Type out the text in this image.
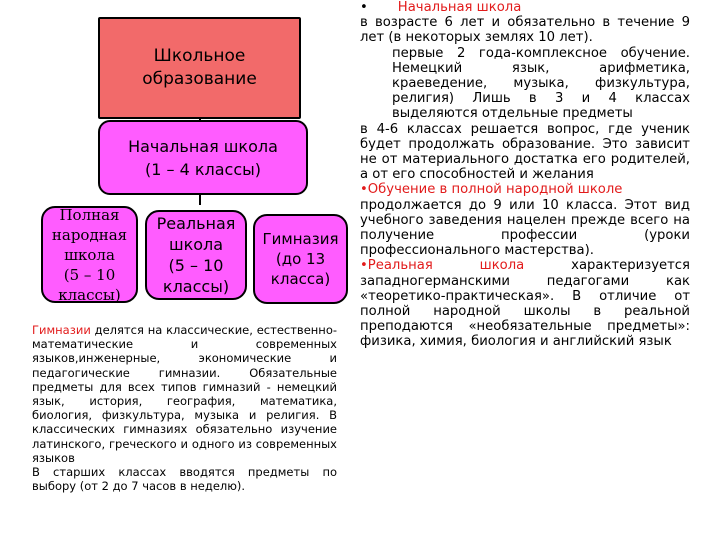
Школьное
образование
Начальная школа
(1 – 4 классы)
Полная
народная
школа
(5 – 10
классы)
Реальная
школа
(5 – 10
классы)
Гимназия
(до 13
класса)

Гимназии делятся на классические, естественно-математические и современных языков,инженерные, экономические и педагогические гимназии. Обязательные предметы для всех типов гимназий - немецкий язык, история, география, математика, биология, физкультура, музыка и религия. В классических гимназиях обязательно изучение латинского, греческого и одного из современных языков

В старших классах вводятся предметы по выбору (от 2 до 7 часов в неделю).

• Начальная школа

в возрасте 6 лет и обязательно в течение 9 лет (в некоторых землях 10 лет).

первые 2 года-комплексное обучение. Немецкий язык, арифметика, краеведение, музыка, физкультура, религия) Лишь в 3 и 4 классах выделяются отдельные предметы

в 4-6 классах решается вопрос, где ученик будет продолжать образование. Это зависит не от материального достатка его родителей, а от его способностей и желания

•Обучение в полной народной школе

продолжается до 9 или 10 класса. Этот вид учебного заведения нацелен прежде всего на получение профессии (уроки профессионального мастерства).

•Реальная школа характеризуется западногерманскими педагогами как «теоретико-практическая». В отличие от полной народной школы в реальной преподаются «необязательные предметы»: физика, химия, биология и английский язык
